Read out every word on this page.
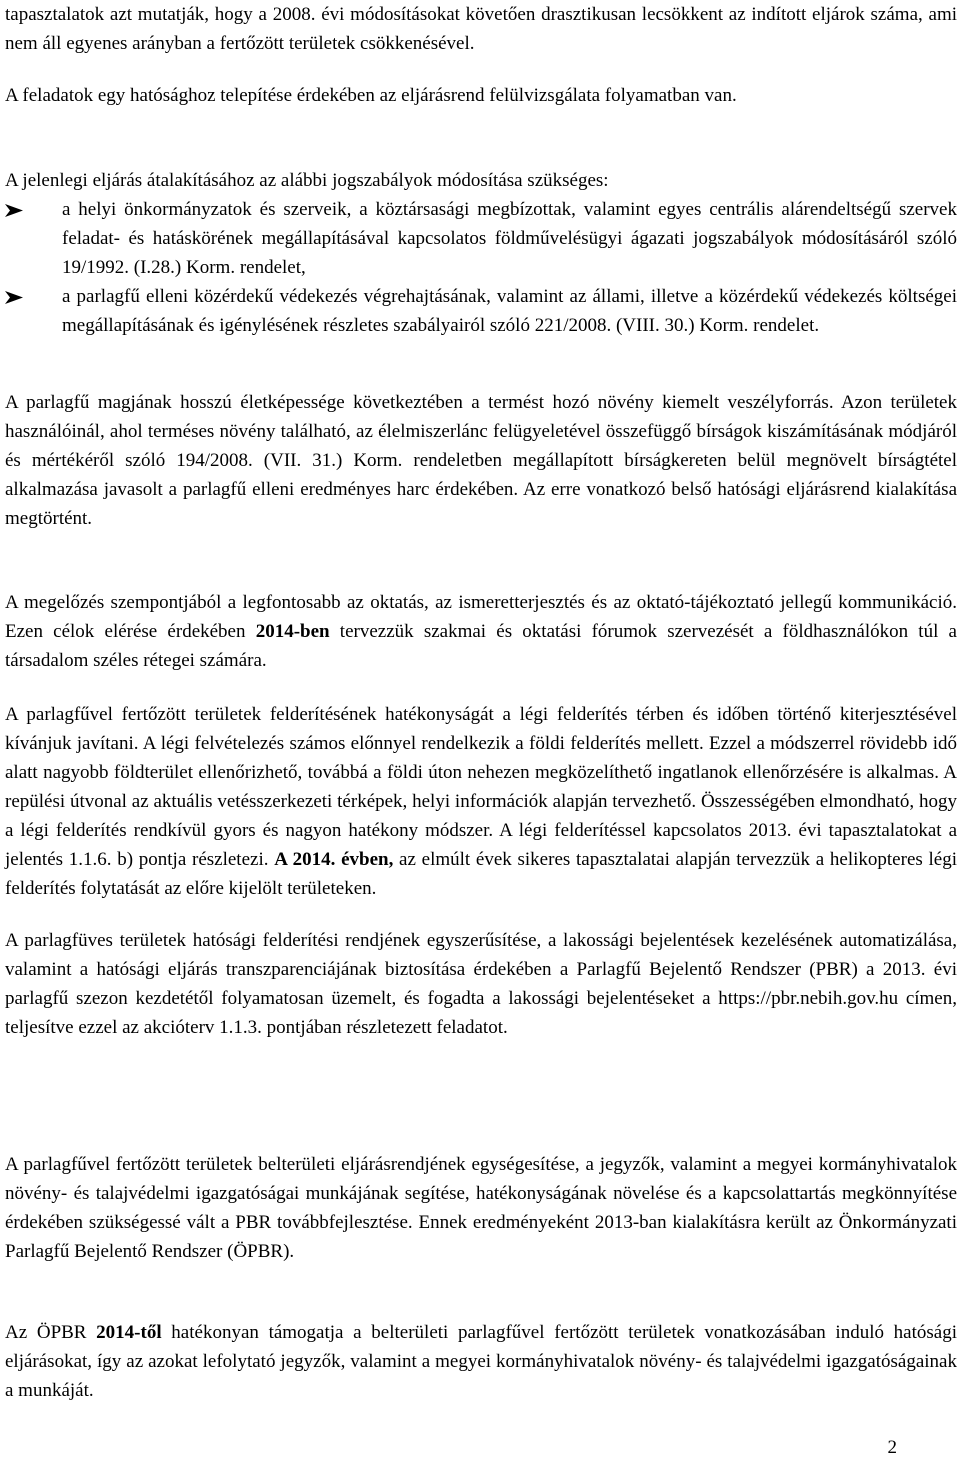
tapasztalatok azt mutatják, hogy a 2008. évi módosításokat követően drasztikusan lecsökkent az indított eljárok száma, ami nem áll egyenes arányban a fertőzött területek csökkenésével.

A feladatok egy hatósághoz telepítése érdekében az eljárásrend felülvizsgálata folyamatban van.

A jelenlegi eljárás átalakításához az alábbi jogszabályok módosítása szükséges:

a helyi önkormányzatok és szerveik, a köztársasági megbízottak, valamint egyes centrális alárendeltségű szervek feladat- és hatáskörének megállapításával kapcsolatos földművelésügyi ágazati jogszabályok módosításáról szóló 19/1992. (I.28.) Korm. rendelet,
a parlagfű elleni közérdekű védekezés végrehajtásának, valamint az állami, illetve a közérdekű védekezés költségei megállapításának és igénylésének részletes szabályairól szóló 221/2008. (VIII. 30.) Korm. rendelet.

A parlagfű magjának hosszú életképessége következtében a termést hozó növény kiemelt veszélyforrás. Azon területek használóinál, ahol terméses növény található, az élelmiszerlánc felügyeletével összefüggő bírságok kiszámításának módjáról és mértékéről szóló 194/2008. (VII. 31.) Korm. rendeletben megállapított bírságkereten belül megnövelt bírságtétel alkalmazása javasolt a parlagfű elleni eredményes harc érdekében. Az erre vonatkozó belső hatósági eljárásrend kialakítása megtörtént.

A megelőzés szempontjából a legfontosabb az oktatás, az ismeretterjesztés és az oktató-tájékoztató jellegű kommunikáció. Ezen célok elérése érdekében 2014-ben tervezzük szakmai és oktatási fórumok szervezését a földhasználókon túl a társadalom széles rétegei számára.

A parlagfűvel fertőzött területek felderítésének hatékonyságát a légi felderítés térben és időben történő kiterjesztésével kívánjuk javítani. A légi felvételezés számos előnnyel rendelkezik a földi felderítés mellett. Ezzel a módszerrel rövidebb idő alatt nagyobb földterület ellenőrizhető, továbbá a földi úton nehezen megközelíthető ingatlanok ellenőrzésére is alkalmas. A repülési útvonal az aktuális vetésszerkezeti térképek, helyi információk alapján tervezhető. Összességében elmondható, hogy a légi felderítés rendkívül gyors és nagyon hatékony módszer. A légi felderítéssel kapcsolatos 2013. évi tapasztalatokat a jelentés 1.1.6. b) pontja részletezi. A 2014. évben, az elmúlt évek sikeres tapasztalatai alapján tervezzük a helikopteres légi felderítés folytatását az előre kijelölt területeken.

A parlagfüves területek hatósági felderítési rendjének egyszerűsítése, a lakossági bejelentések kezelésének automatizálása, valamint a hatósági eljárás transzparenciájának biztosítása érdekében a Parlagfű Bejelentő Rendszer (PBR) a 2013. évi parlagfű szezon kezdetétől folyamatosan üzemelt, és fogadta a lakossági bejelentéseket a https://pbr.nebih.gov.hu címen, teljesítve ezzel az akcióterv 1.1.3. pontjában részletezett feladatot.

A parlagfűvel fertőzött területek belterületi eljárásrendjének egységesítése, a jegyzők, valamint a megyei kormányhivatalok növény- és talajvédelmi igazgatóságai munkájának segítése, hatékonyságának növelése és a kapcsolattartás megkönnyítése érdekében szükségessé vált a PBR továbbfejlesztése. Ennek eredményeként 2013-ban kialakításra került az Önkormányzati Parlagfű Bejelentő Rendszer (ÖPBR).

Az ÖPBR 2014-től hatékonyan támogatja a belterületi parlagfűvel fertőzött területek vonatkozásában induló hatósági eljárásokat, így az azokat lefolytató jegyzők, valamint a megyei kormányhivatalok növény- és talajvédelmi igazgatóságainak a munkáját.

2
